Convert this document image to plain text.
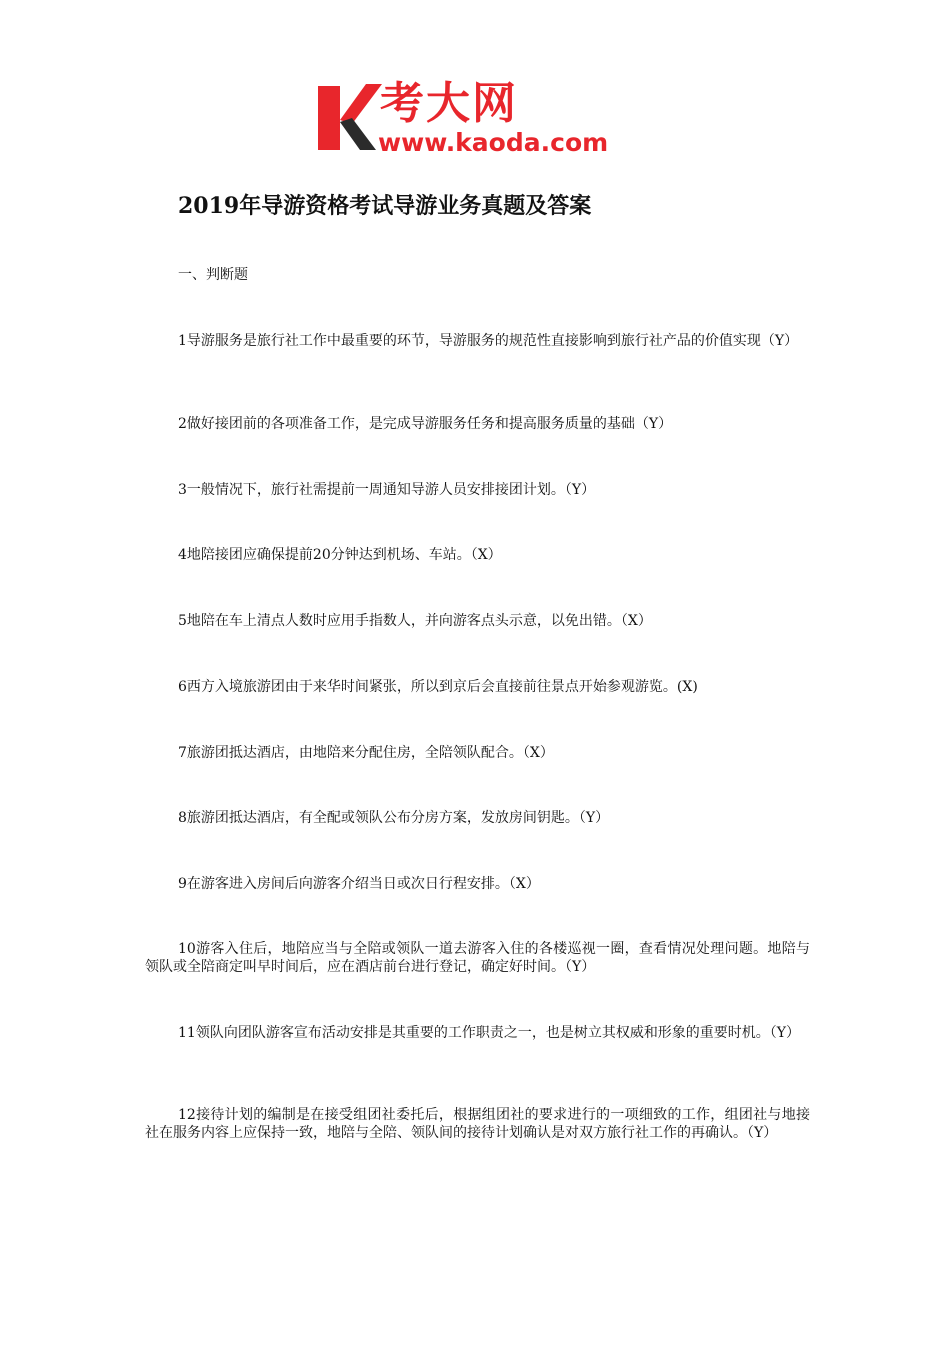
考大网
www.kaoda.com
2019年导游资格考试导游业务真题及答案
一、判断题

1导游服务是旅行社工作中最重要的环节，导游服务的规范性直接影响到旅行社产品的价值实现（Y）

2做好接团前的各项准备工作，是完成导游服务任务和提高服务质量的基础（Y）

3一般情况下，旅行社需提前一周通知导游人员安排接团计划。（Y）

4地陪接团应确保提前20分钟达到机场、车站。（X）

5地陪在车上清点人数时应用手指数人，并向游客点头示意，以免出错。（X）

6西方入境旅游团由于来华时间紧张，所以到京后会直接前往景点开始参观游览。(X)

7旅游团抵达酒店，由地陪来分配住房，全陪领队配合。（X）

8旅游团抵达酒店，有全配或领队公布分房方案，发放房间钥匙。（Y）

9在游客进入房间后向游客介绍当日或次日行程安排。（X）

10游客入住后，地陪应当与全陪或领队一道去游客入住的各楼巡视一圈，查看情况处理问题。地陪与领队或全陪商定叫早时间后，应在酒店前台进行登记，确定好时间。（Y）

11领队向团队游客宣布活动安排是其重要的工作职责之一，也是树立其权威和形象的重要时机。（Y）

12接待计划的编制是在接受组团社委托后，根据组团社的要求进行的一项细致的工作，组团社与地接社在服务内容上应保持一致，地陪与全陪、领队间的接待计划确认是对双方旅行社工作的再确认。（Y）
